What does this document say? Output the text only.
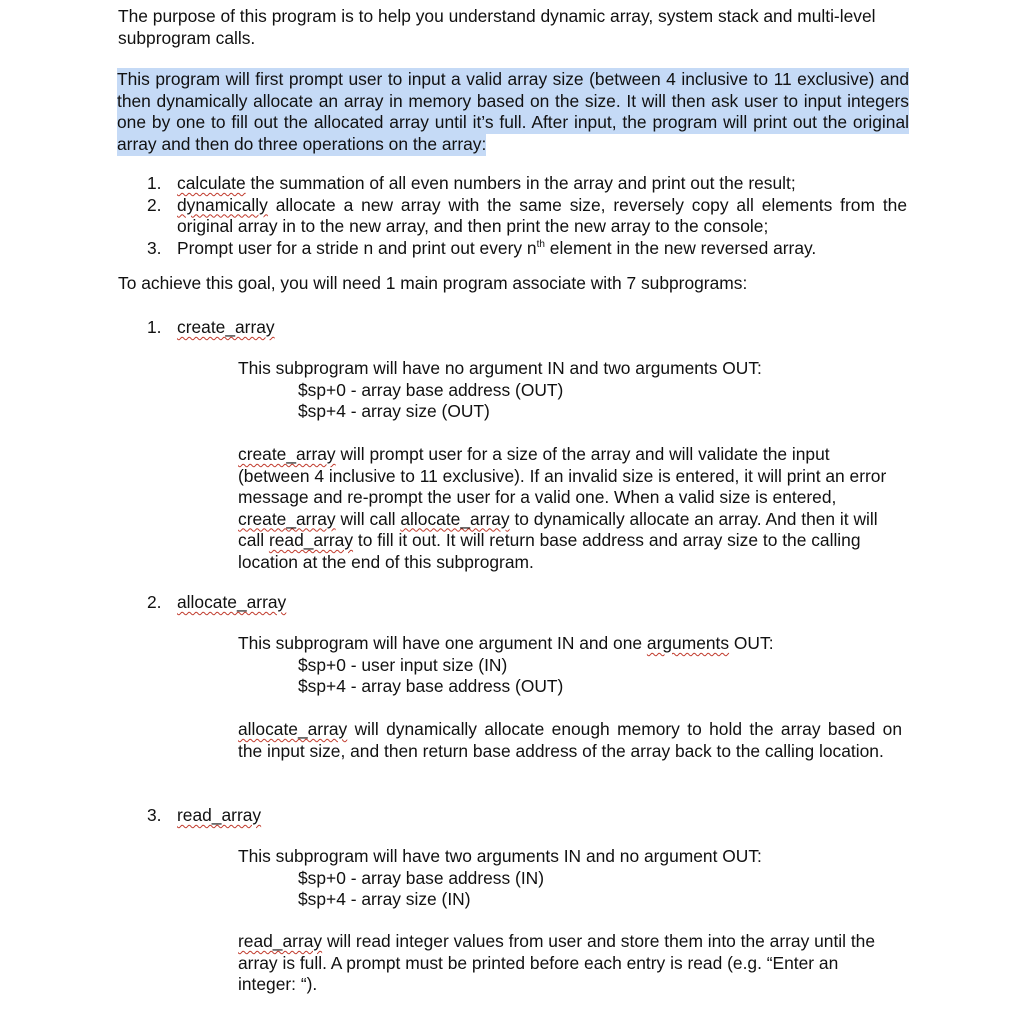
The purpose of this program is to help you understand dynamic array, system stack and multi-level subprogram calls.

This program will first prompt user to input a valid array size (between 4 inclusive to 11 exclusive) and then dynamically allocate an array in memory based on the size. It will then ask user to input integers one by one to fill out the allocated array until it’s full. After input, the program will print out the original array and then do three operations on the array:

1. calculate the summation of all even numbers in the array and print out the result;
2. dynamically allocate a new array with the same size, reversely copy all elements from the original array in to the new array, and then print the new array to the console;
3. Prompt user for a stride n and print out every $n^{th}$ element in the new reversed array.

To achieve this goal, you will need 1 main program associate with 7 subprograms:

1. create_array
This subprogram will have no argument IN and two arguments OUT:
$sp+0 - array base address (OUT)
$sp+4 - array size (OUT)
create_array will prompt user for a size of the array and will validate the input (between 4 inclusive to 11 exclusive). If an invalid size is entered, it will print an error message and re-prompt the user for a valid one. When a valid size is entered, create_array will call allocate_array to dynamically allocate an array. And then it will call read_array to fill it out. It will return base address and array size to the calling location at the end of this subprogram.
2. allocate_array
This subprogram will have one argument IN and one arguments OUT:
$sp+0 - user input size (IN)
$sp+4 - array base address (OUT)
allocate_array will dynamically allocate enough memory to hold the array based on the input size, and then return base address of the array back to the calling location.
3. read_array
This subprogram will have two arguments IN and no argument OUT:
$sp+0 - array base address (IN)
$sp+4 - array size (IN)
read_array will read integer values from user and store them into the array until the array is full. A prompt must be printed before each entry is read (e.g. “Enter an integer: “).
